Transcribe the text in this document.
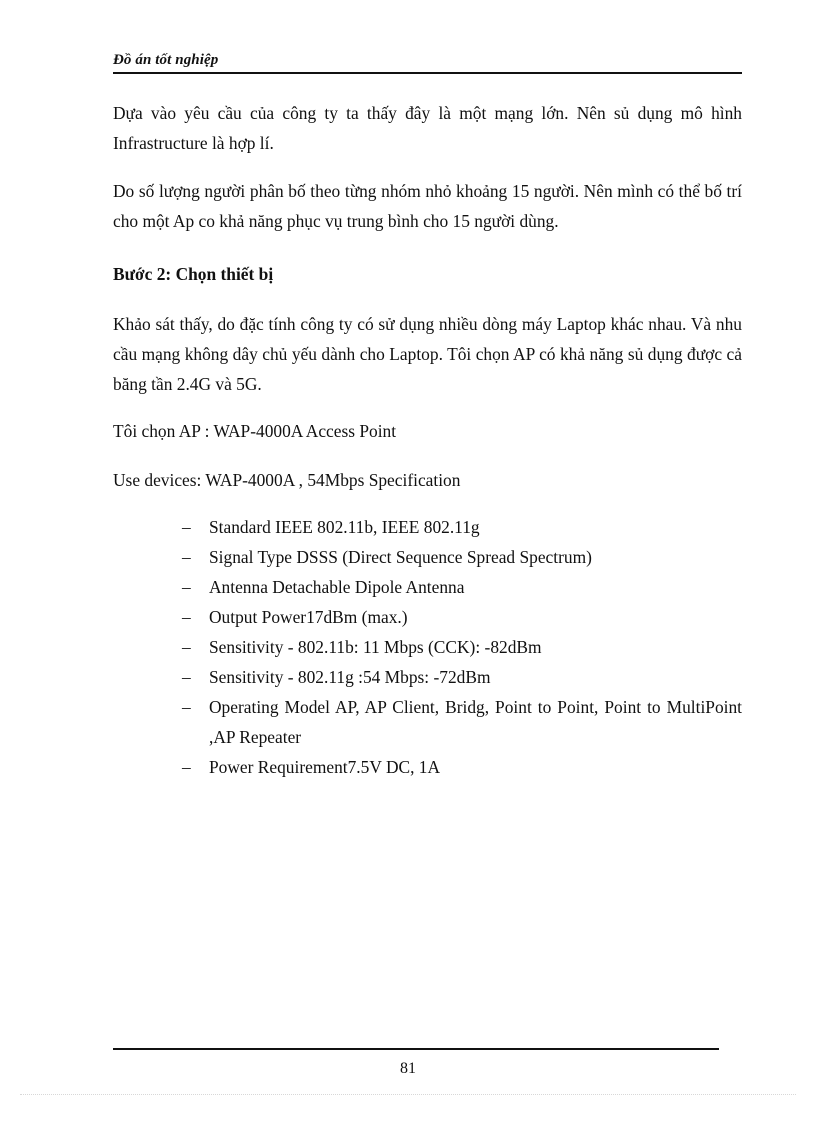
Đồ án tốt nghiệp

Dựa vào yêu cầu của công ty ta thấy đây là một mạng lớn. Nên sủ dụng mô hình Infrastructure là hợp lí.

Do số lượng người phân bố theo từng nhóm nhỏ khoảng 15 người. Nên mình có thể bố trí cho một Ap co khả năng phục vụ trung bình cho 15 người dùng.

Bước 2: Chọn thiết bị

Khảo sát thấy, do đặc tính công ty có sử dụng nhiều dòng máy Laptop khác nhau. Và nhu cầu mạng không dây chủ yếu dành cho Laptop. Tôi chọn AP có khả năng sủ dụng được cả băng tần 2.4G và 5G.

Tôi chọn AP : WAP-4000A Access Point

Use devices: WAP-4000A , 54Mbps Specification

– Standard IEEE 802.11b, IEEE 802.11g
– Signal Type DSSS (Direct Sequence Spread Spectrum)
– Antenna Detachable Dipole Antenna
– Output Power17dBm (max.)
– Sensitivity - 802.11b: 11 Mbps (CCK): -82dBm
– Sensitivity - 802.11g :54 Mbps: -72dBm
– Operating Model AP, AP Client, Bridg, Point to Point, Point to MultiPoint ,AP Repeater
– Power Requirement7.5V DC, 1A
81
